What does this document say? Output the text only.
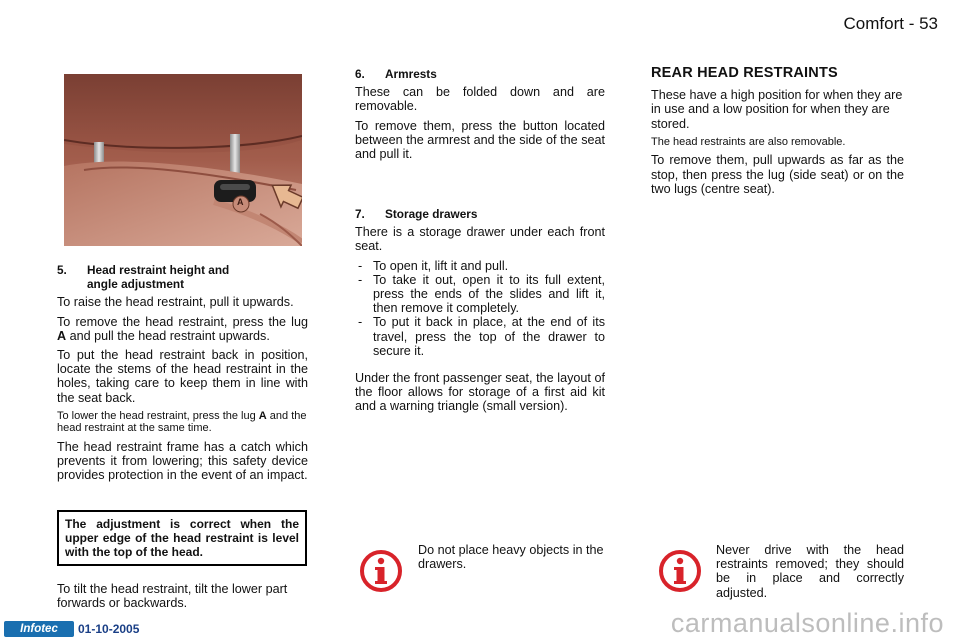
Comfort - 53
A
5. Head restraint height and
angle adjustment

To raise the head restraint, pull it upwards.

To remove the head restraint, press the lug A and pull the head restraint upwards.

To put the head restraint back in position, locate the stems of the head restraint in the holes, taking care to keep them in line with the seat back.

To lower the head restraint, press the lug A and the head restraint at the same time.

The head restraint frame has a catch which prevents it from lowering; this safety device provides protection in the event of an impact.

The adjustment is correct when the upper edge of the head restraint is level with the top of the head.

To tilt the head restraint, tilt the lower part forwards or backwards.

6. Armrests

These can be folded down and are removable.

To remove them, press the button located between the armrest and the side of the seat and pull it.

7. Storage drawers

There is a storage drawer under each front seat.

- To open it, lift it and pull.
- To take it out, open it to its full extent, press the ends of the slides and lift it, then remove it completely.
- To put it back in place, at the end of its travel, press the top of the drawer to secure it.

Under the front passenger seat, the layout of the floor allows for storage of a first aid kit and a warning triangle (small version).

REAR HEAD RESTRAINTS

These have a high position for when they are in use and a low position for when they are stored.

The head restraints are also removable.

To remove them, pull upwards as far as the stop, then press the lug (side seat) or on the two lugs (centre seat).

Do not place heavy objects in the drawers.
Never drive with the head restraints removed; they should be in place and correctly adjusted.
Infotec	01-10-2005	carmanualsonline.info
